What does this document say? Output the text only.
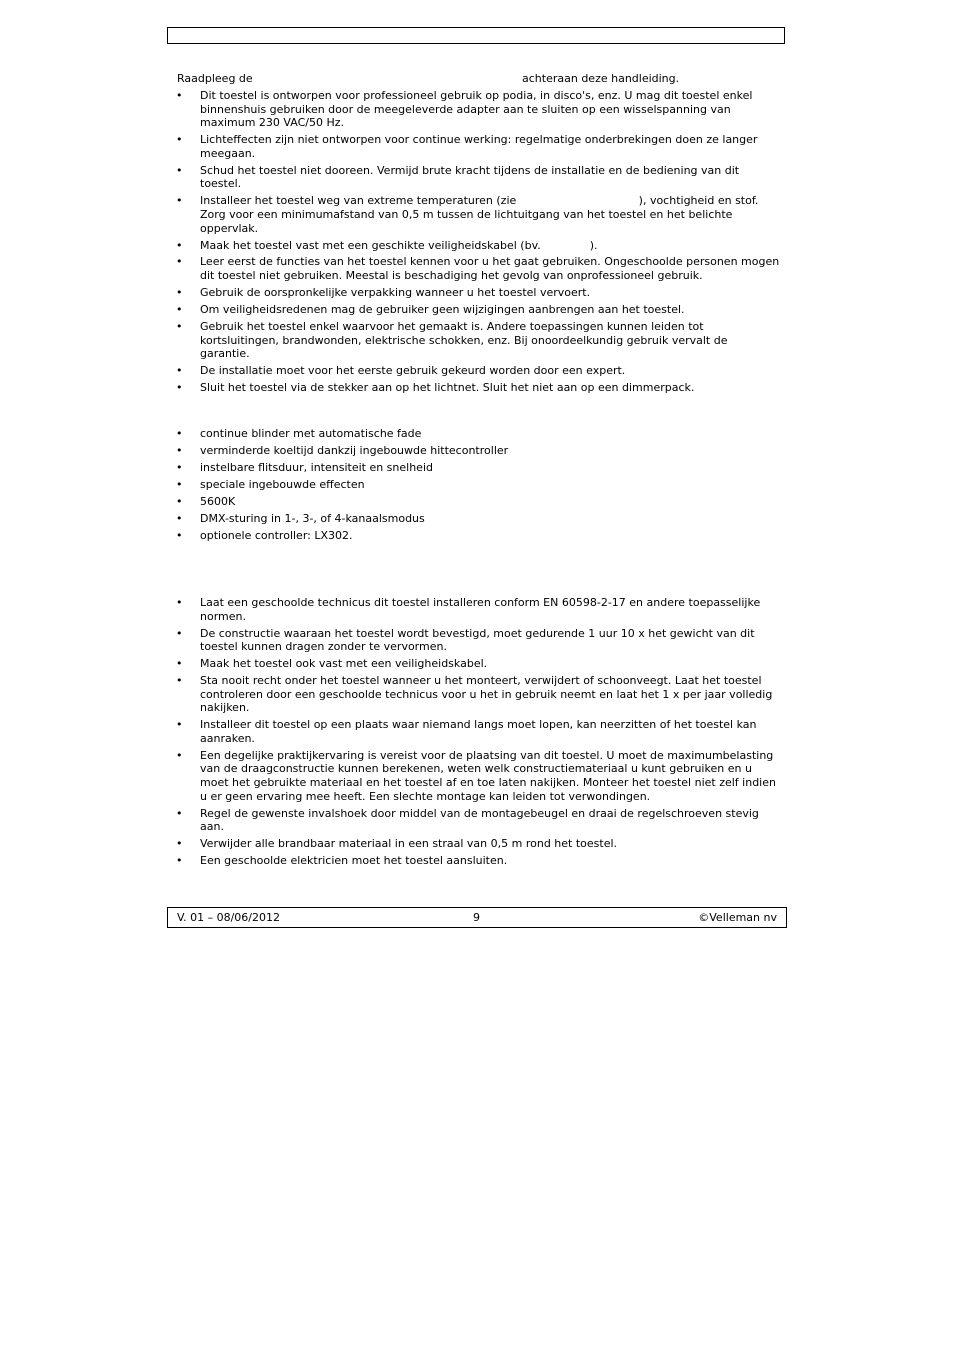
Raadpleeg de	achteraan deze handleiding.
• Dit toestel is ontworpen voor professioneel gebruik op podia, in disco's, enz. U mag dit toestel enkel binnenshuis gebruiken door de meegeleverde adapter aan te sluiten op een wisselspanning van maximum 230 VAC/50 Hz.
• Lichteffecten zijn niet ontworpen voor continue werking: regelmatige onderbrekingen doen ze langer meegaan.
• Schud het toestel niet dooreen. Vermijd brute kracht tijdens de installatie en de bediening van dit toestel.
• Installeer het toestel weg van extreme temperaturen (zie                                   ), vochtigheid en stof. Zorg voor een minimumafstand van 0,5 m tussen de lichtuitgang van het toestel en het belichte oppervlak.
• Maak het toestel vast met een geschikte veiligheidskabel (bv.              ).
• Leer eerst de functies van het toestel kennen voor u het gaat gebruiken. Ongeschoolde personen mogen dit toestel niet gebruiken. Meestal is beschadiging het gevolg van onprofessioneel gebruik.
• Gebruik de oorspronkelijke verpakking wanneer u het toestel vervoert.
• Om veiligheidsredenen mag de gebruiker geen wijzigingen aanbrengen aan het toestel.
• Gebruik het toestel enkel waarvoor het gemaakt is. Andere toepassingen kunnen leiden tot kortsluitingen, brandwonden, elektrische schokken, enz. Bij onoordeelkundig gebruik vervalt de garantie.
• De installatie moet voor het eerste gebruik gekeurd worden door een expert.
• Sluit het toestel via de stekker aan op het lichtnet. Sluit het niet aan op een dimmerpack.
• continue blinder met automatische fade
• verminderde koeltijd dankzij ingebouwde hittecontroller
• instelbare flitsduur, intensiteit en snelheid
• speciale ingebouwde effecten
• 5600K
• DMX-sturing in 1-, 3-, of 4-kanaalsmodus
• optionele controller: LX302.
• Laat een geschoolde technicus dit toestel installeren conform EN 60598-2-17 en andere toepasselijke normen.
• De constructie waaraan het toestel wordt bevestigd, moet gedurende 1 uur 10 x het gewicht van dit toestel kunnen dragen zonder te vervormen.
• Maak het toestel ook vast met een veiligheidskabel.
• Sta nooit recht onder het toestel wanneer u het monteert, verwijdert of schoonveegt. Laat het toestel controleren door een geschoolde technicus voor u het in gebruik neemt en laat het 1 x per jaar volledig nakijken.
• Installeer dit toestel op een plaats waar niemand langs moet lopen, kan neerzitten of het toestel kan aanraken.
• Een degelijke praktijkervaring is vereist voor de plaatsing van dit toestel. U moet de maximumbelasting van de draagconstructie kunnen berekenen, weten welk constructiemateriaal u kunt gebruiken en u moet het gebruikte materiaal en het toestel af en toe laten nakijken. Monteer het toestel niet zelf indien u er geen ervaring mee heeft. Een slechte montage kan leiden tot verwondingen.
• Regel de gewenste invalshoek door middel van de montagebeugel en draai de regelschroeven stevig aan.
• Verwijder alle brandbaar materiaal in een straal van 0,5 m rond het toestel.
• Een geschoolde elektricien moet het toestel aansluiten.
V. 01 – 08/06/2012	9	©Velleman nv
